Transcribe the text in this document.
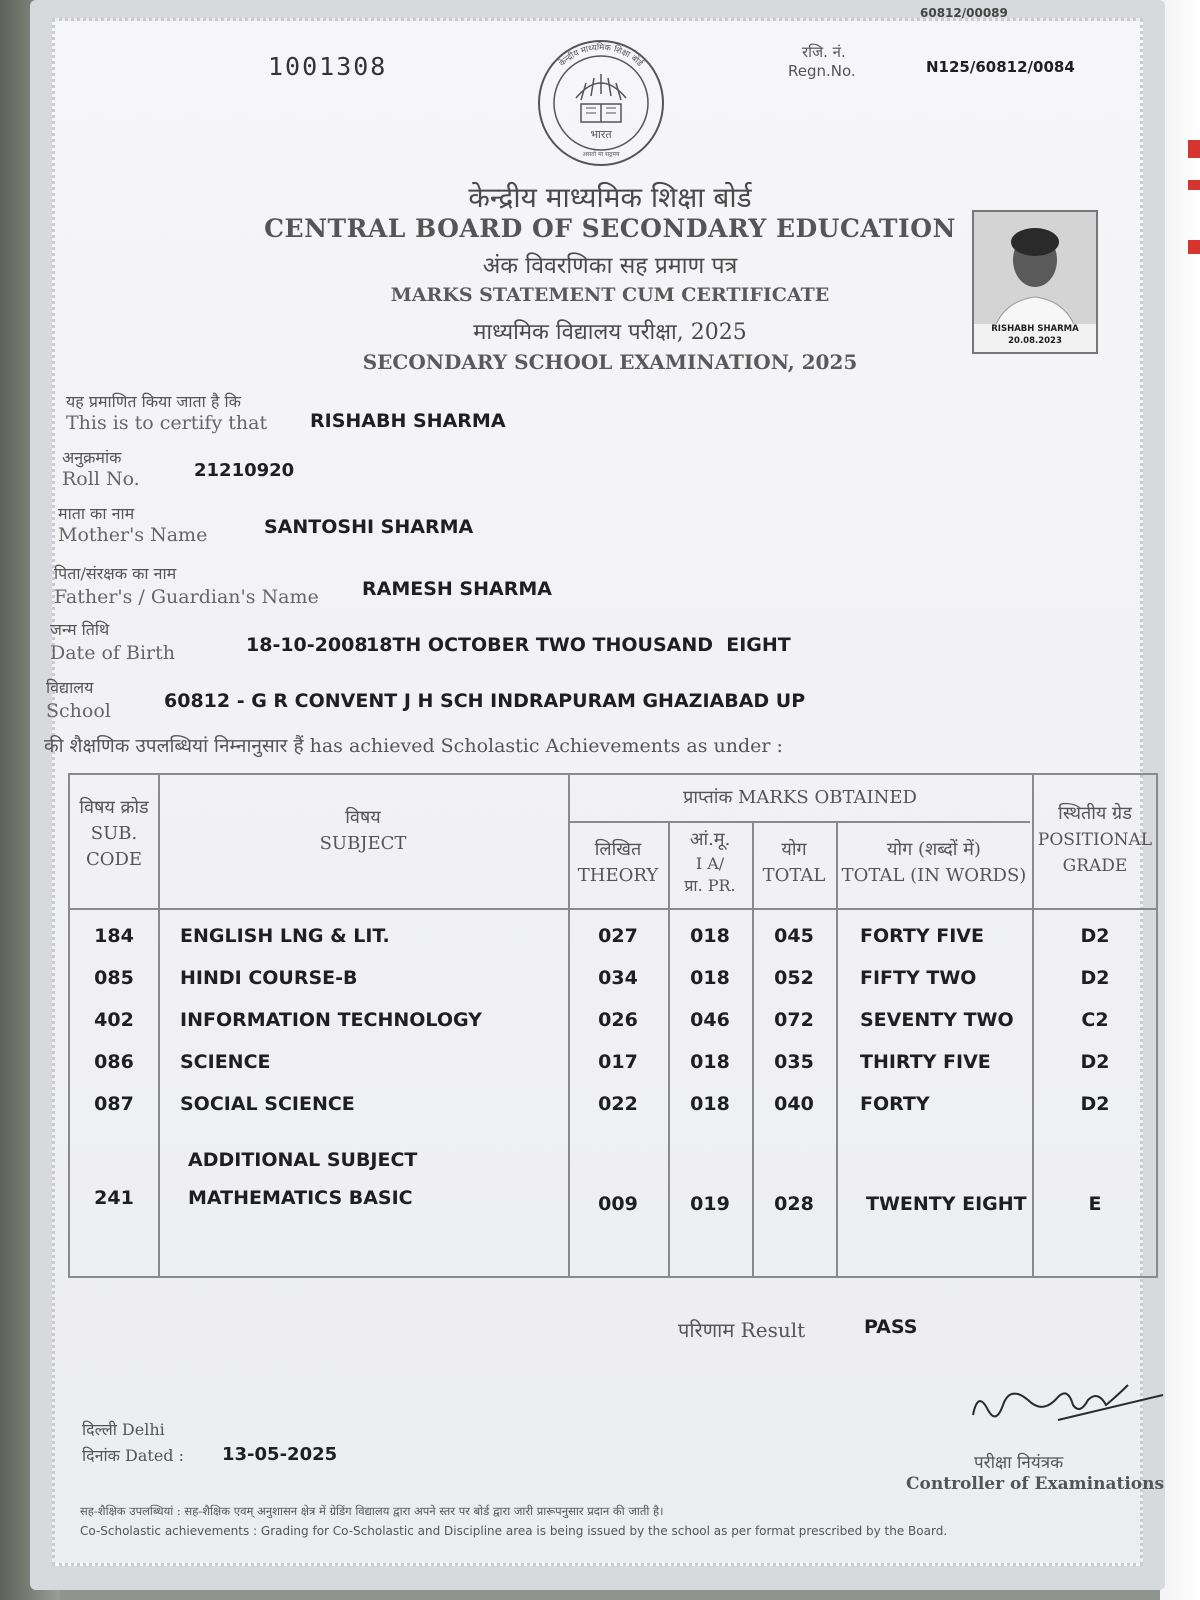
60812/00089
1001308	रजि. नं.
Regn.No.	N125/60812/0084
भारत
असतो मा सद्गमय
केन्द्रीय माध्यमिक शिक्षा बोर्ड
केन्द्रीय माध्यमिक शिक्षा बोर्ड
CENTRAL BOARD OF SECONDARY EDUCATION
अंक विवरणिका सह प्रमाण पत्र
MARKS STATEMENT CUM CERTIFICATE
माध्यमिक विद्यालय परीक्षा, 2025
SECONDARY SCHOOL EXAMINATION, 2025
RISHABH SHARMA
20.08.2023
यह प्रमाणित किया जाता है कि
This is to certify that RISHABH SHARMA
अनुक्रमांक
Roll No.	21210920
माता का नाम
Mother's Name	SANTOSHI SHARMA
पिता/संरक्षक का नाम
Father's / Guardian's Name RAMESH SHARMA
जन्म तिथि
Date of Birth	18-10-2008
18TH OCTOBER TWO THOUSAND  EIGHT
विद्यालय
School	60812 - G R CONVENT J H SCH INDRAPURAM GHAZIABAD UP
की शैक्षणिक उपलब्धियां निम्नानुसार हैं has achieved Scholastic Achievements as under :
विषय क्रोड
SUB.
CODE
विषय
SUBJECT
प्राप्तांक MARKS OBTAINED
लिखित
THEORY
आं.मू.
I A/
प्रा. PR.
योग
TOTAL
योग (शब्दों में)
TOTAL (IN WORDS)
स्थितीय ग्रेड
POSITIONAL
GRADE
184	ENGLISH LNG & LIT.	027	018	045	FORTY FIVE	D2
085	HINDI COURSE-B	034	018	052	FIFTY TWO	D2
402	INFORMATION TECHNOLOGY	026	046	072	SEVENTY TWO	C2
086	SCIENCE	017	018	035	THIRTY FIVE	D2
087	SOCIAL SCIENCE	022	018	040	FORTY	D2
ADDITIONAL SUBJECT
241	MATHEMATICS BASIC	009	019	028	TWENTY EIGHT	E
परिणाम Result	PASS
दिल्ली Delhi
दिनांक Dated : 13-05-2025	परीक्षा नियंत्रक
Controller of Examinations
सह-शैक्षिक उपलब्धियां : सह-शैक्षिक एवम् अनुशासन क्षेत्र में ग्रेडिंग विद्यालय द्वारा अपने स्तर पर बोर्ड द्वारा जारी प्रारूपनुसार प्रदान की जाती है।
Co-Scholastic achievements : Grading for Co-Scholastic and Discipline area is being issued by the school as per format prescribed by the Board.
